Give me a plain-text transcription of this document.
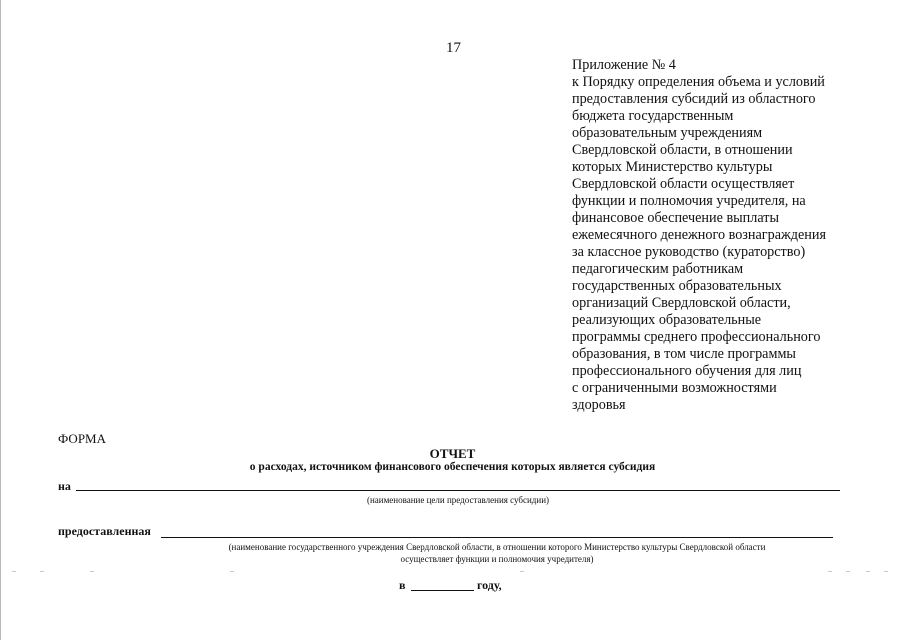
17
Приложение № 4
к Порядку определения объема и условий
предоставления субсидий из областного
бюджета государственным
образовательным учреждениям
Свердловской области, в отношении
которых Министерство культуры
Свердловской области осуществляет
функции и полномочия учредителя, на
финансовое обеспечение выплаты
ежемесячного денежного вознаграждения
за классное руководство (кураторство)
педагогическим работникам
государственных образовательных
организаций Свердловской области,
реализующих образовательные
программы среднего профессионального
образования, в том числе программы
профессионального обучения для лиц
с ограниченными возможностями
здоровья
ФОРМА
ОТЧЕТ
о расходах, источником финансового обеспечения которых является субсидия
на
(наименование цели предоставления субсидии)
предоставленная
(наименование государственного учреждения Свердловской области, в отношении которого Министерство культуры Свердловской области
осуществляет функции и полномочия учредителя)
в	году,
